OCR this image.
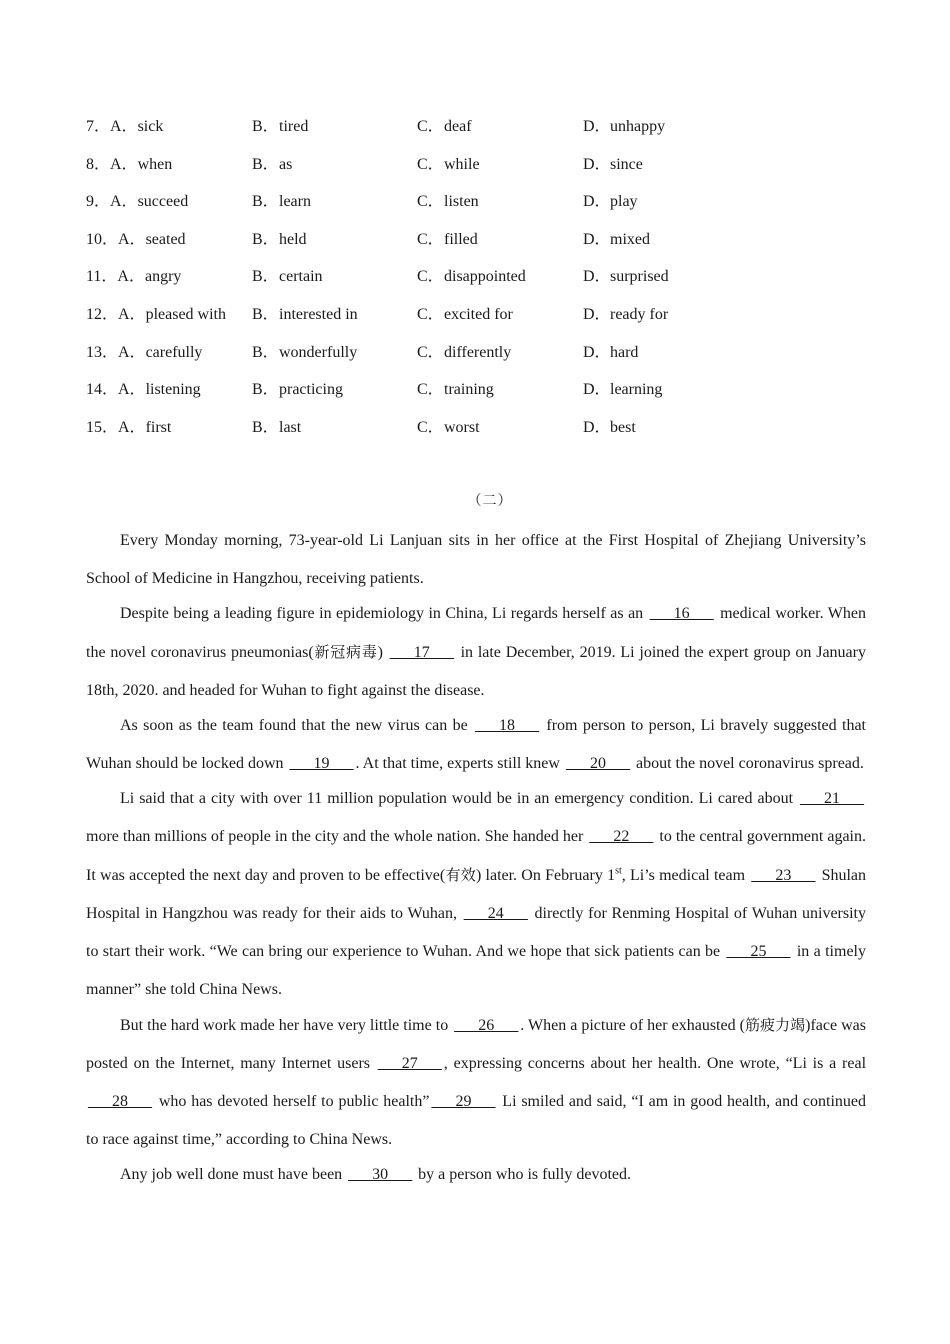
7．A．sick	B．tired	C．deaf	D．unhappy
8．A．when	B．as	C．while	D．since
9．A．succeed	B．learn	C．listen	D．play
10．A．seated	B．held	C．filled	D．mixed
11．A．angry	B．certain	C．disappointed	D．surprised
12．A．pleased with B．interested in	C．excited for	D．ready for
13．A．carefully	B．wonderfully	C．differently	D．hard
14．A．listening	B．practicing	C．training	D．learning
15．A．first	B．last	C．worst	D．best
（二）

Every Monday morning, 73-year-old Li Lanjuan sits in her office at the First Hospital of Zhejiang University’s School of Medicine in Hangzhou, receiving patients.

Despite being a leading figure in epidemiology in China, Li regards herself as an ___16___ medical worker. When the novel coronavirus pneumonias(新冠病毒) ___17___ in late December, 2019. Li joined the expert group on January 18th, 2020. and headed for Wuhan to fight against the disease.

As soon as the team found that the new virus can be ___18___ from person to person, Li bravely suggested that Wuhan should be locked down ___19___ . At that time, experts still knew ___20___ about the novel coronavirus spread.

Li said that a city with over 11 million population would be in an emergency condition. Li cared about ___21___ more than millions of people in the city and the whole nation. She handed her ___22___ to the central government again. It was accepted the next day and proven to be effective(有效) later. On February 1st, Li’s medical team ___23___ Shulan Hospital in Hangzhou was ready for their aids to Wuhan, ___24___ directly for Renming Hospital of Wuhan university to start their work. “We can bring our experience to Wuhan. And we hope that sick patients can be ___25___ in a timely manner” she told China News.

But the hard work made her have very little time to ___26___ . When a picture of her exhausted (筋疲力竭)face was posted on the Internet, many Internet users ___27___ , expressing concerns about her health. One wrote, “Li is a real ___28___ who has devoted herself to public health” ___29___ Li smiled and said, “I am in good health, and continued to race against time,” according to China News.

Any job well done must have been ___30___ by a person who is fully devoted.
